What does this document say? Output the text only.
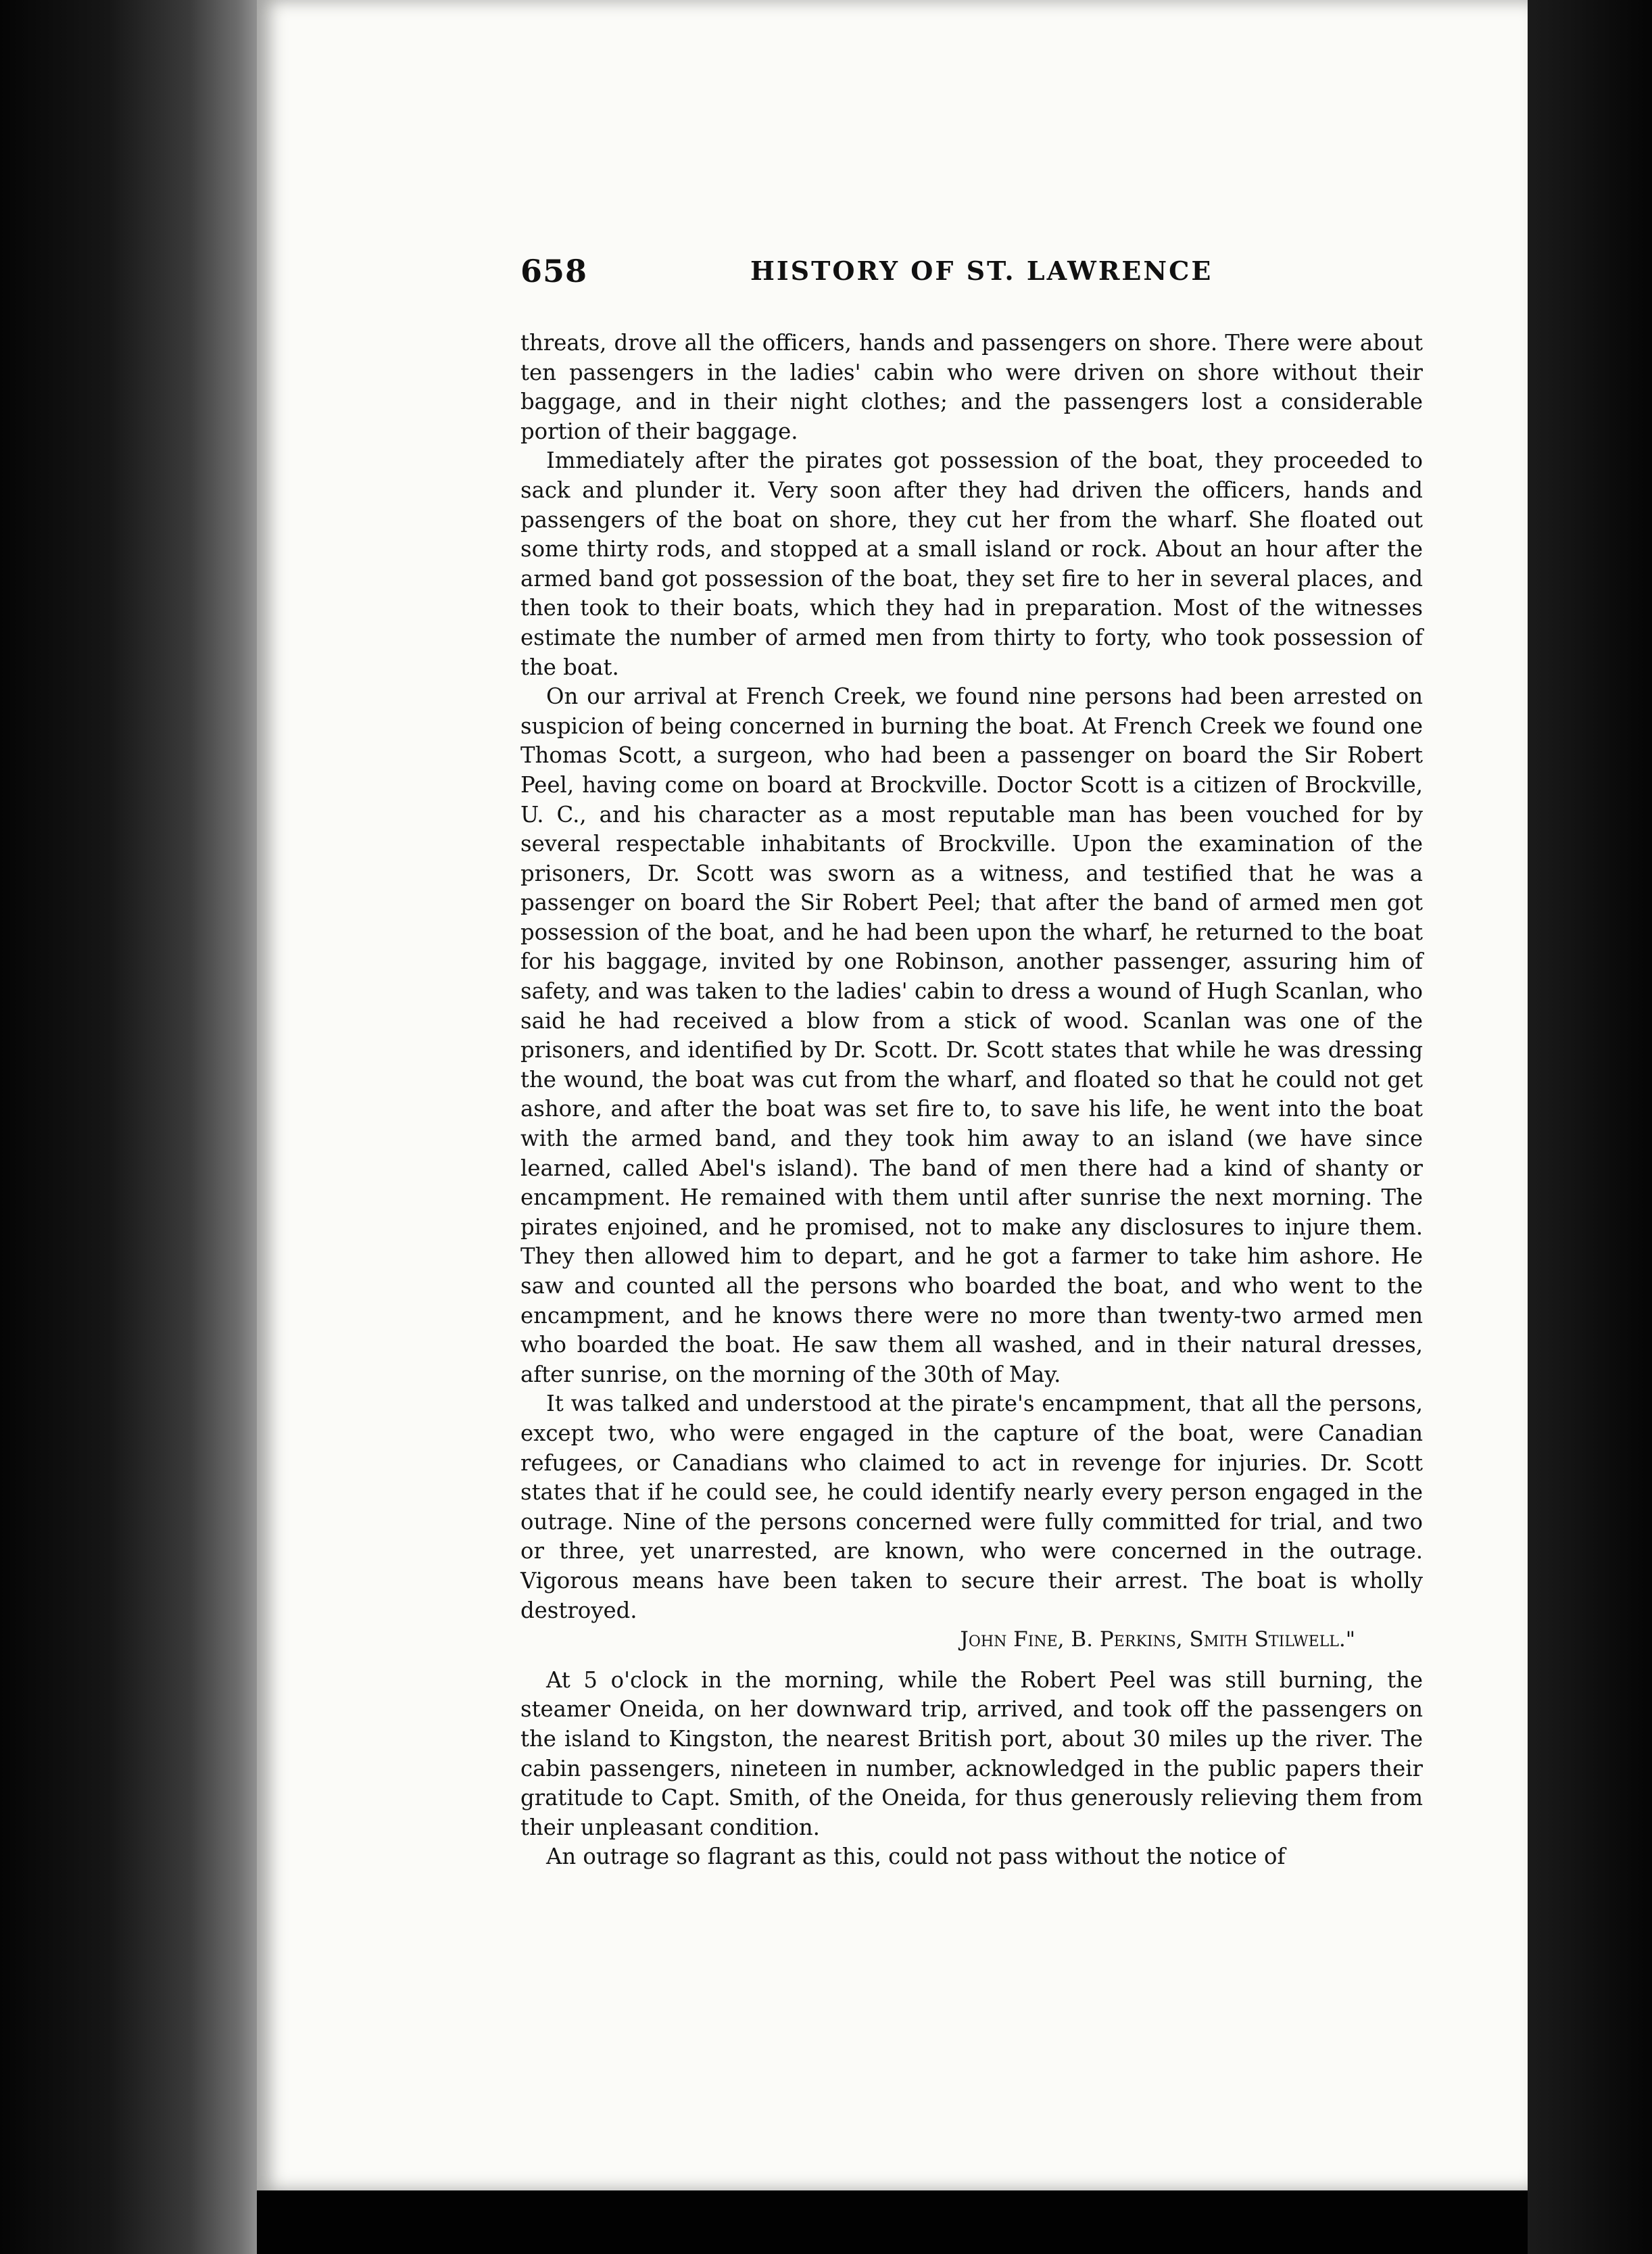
658	HISTORY OF ST. LAWRENCE

threats, drove all the officers, hands and passengers on shore. There were about ten passengers in the ladies' cabin who were driven on shore without their baggage, and in their night clothes; and the passengers lost a considerable portion of their baggage.

Immediately after the pirates got possession of the boat, they proceeded to sack and plunder it. Very soon after they had driven the officers, hands and passengers of the boat on shore, they cut her from the wharf. She floated out some thirty rods, and stopped at a small island or rock. About an hour after the armed band got possession of the boat, they set fire to her in several places, and then took to their boats, which they had in preparation. Most of the witnesses estimate the number of armed men from thirty to forty, who took possession of the boat.

On our arrival at French Creek, we found nine persons had been arrested on suspicion of being concerned in burning the boat. At French Creek we found one Thomas Scott, a surgeon, who had been a passenger on board the Sir Robert Peel, having come on board at Brockville. Doctor Scott is a citizen of Brockville, U. C., and his character as a most reputable man has been vouched for by several respectable inhabitants of Brockville. Upon the examination of the prisoners, Dr. Scott was sworn as a witness, and testified that he was a passenger on board the Sir Robert Peel; that after the band of armed men got possession of the boat, and he had been upon the wharf, he returned to the boat for his baggage, invited by one Robinson, another passenger, assuring him of safety, and was taken to the ladies' cabin to dress a wound of Hugh Scanlan, who said he had received a blow from a stick of wood. Scanlan was one of the prisoners, and identified by Dr. Scott. Dr. Scott states that while he was dressing the wound, the boat was cut from the wharf, and floated so that he could not get ashore, and after the boat was set fire to, to save his life, he went into the boat with the armed band, and they took him away to an island (we have since learned, called Abel's island). The band of men there had a kind of shanty or encampment. He remained with them until after sunrise the next morning. The pirates enjoined, and he promised, not to make any disclosures to injure them. They then allowed him to depart, and he got a farmer to take him ashore. He saw and counted all the persons who boarded the boat, and who went to the encampment, and he knows there were no more than twenty-two armed men who boarded the boat. He saw them all washed, and in their natural dresses, after sunrise, on the morning of the 30th of May.

It was talked and understood at the pirate's encampment, that all the persons, except two, who were engaged in the capture of the boat, were Canadian refugees, or Canadians who claimed to act in revenge for injuries. Dr. Scott states that if he could see, he could identify nearly every person engaged in the outrage. Nine of the persons concerned were fully committed for trial, and two or three, yet unarrested, are known, who were concerned in the outrage. Vigorous means have been taken to secure their arrest. The boat is wholly destroyed.

John Fine, B. Perkins, Smith Stilwell."

At 5 o'clock in the morning, while the Robert Peel was still burning, the steamer Oneida, on her downward trip, arrived, and took off the passengers on the island to Kingston, the nearest British port, about 30 miles up the river. The cabin passengers, nineteen in number, acknowledged in the public papers their gratitude to Capt. Smith, of the Oneida, for thus generously relieving them from their unpleasant condition.

An outrage so flagrant as this, could not pass without the notice of
